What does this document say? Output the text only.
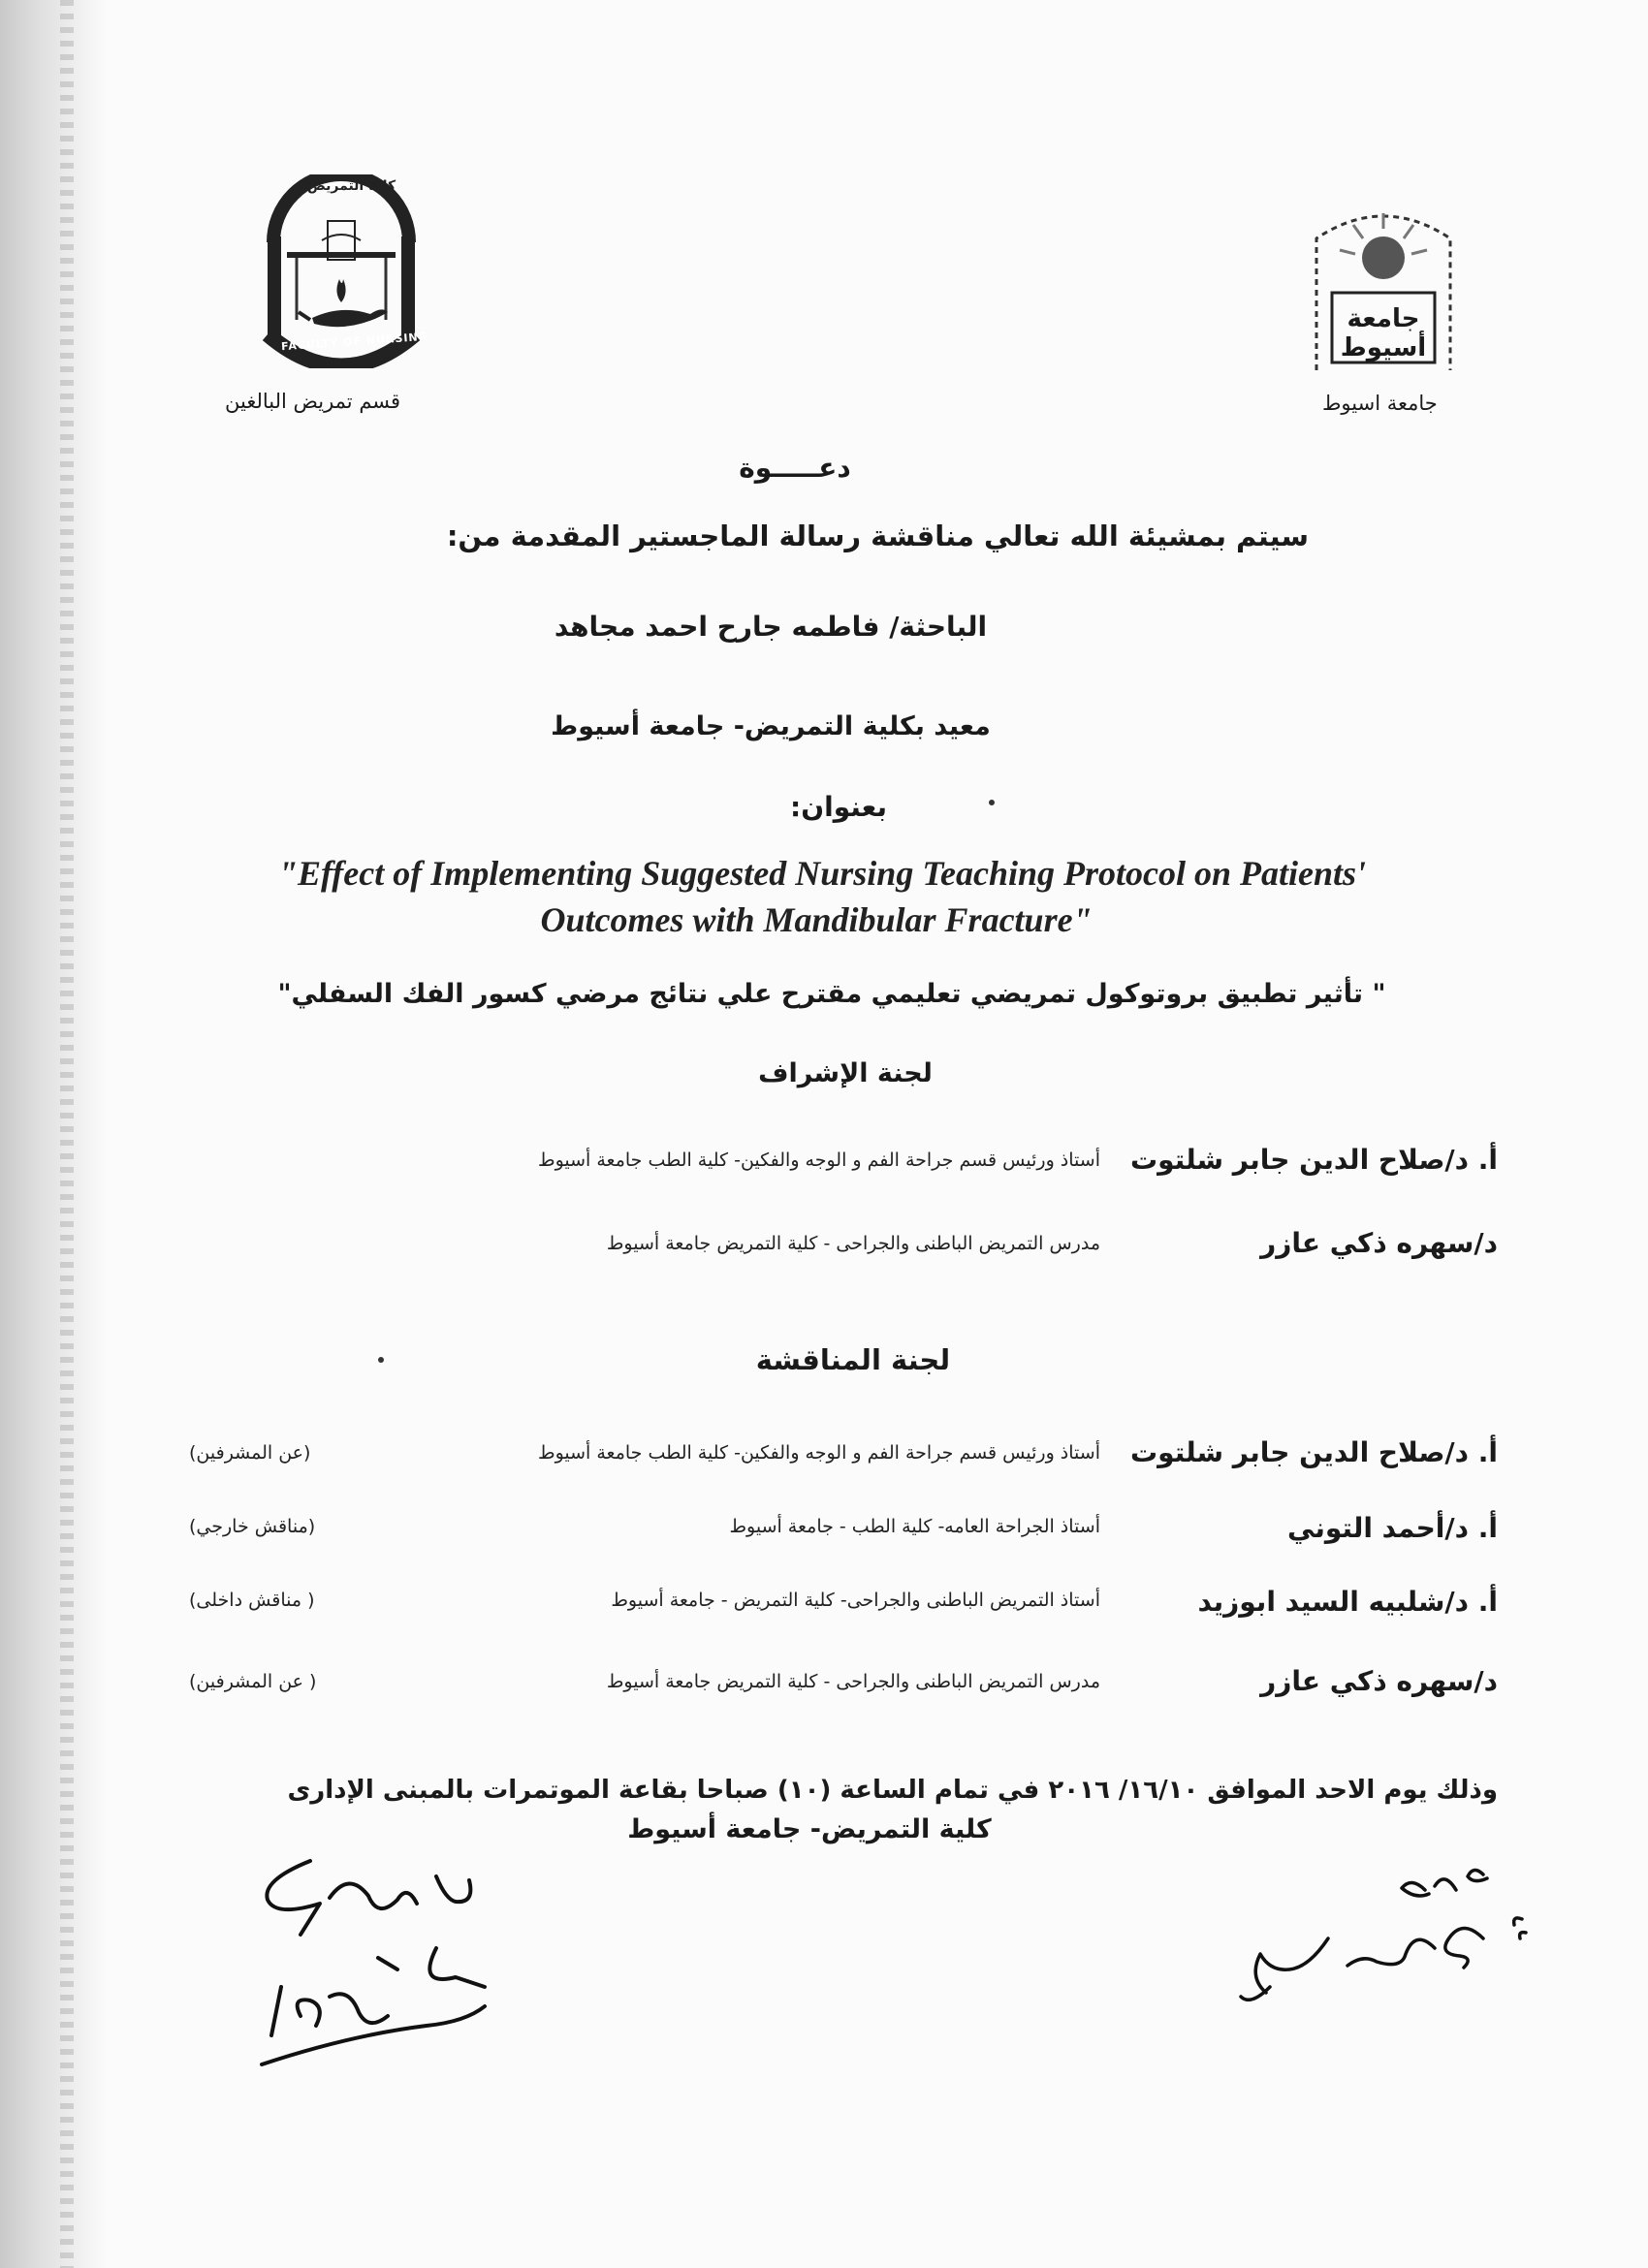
كلية التمريض
FACULTY OF NURSING
قسم تمريض البالغين
جامعة أسيوط
جامعة اسيوط
دعـــــوة
سيتم بمشيئة الله تعالي مناقشة رسالة الماجستير المقدمة من:
الباحثة/ فاطمه جارح احمد مجاهد
معيد بكلية التمريض- جامعة أسيوط
بعنوان:
"Effect of Implementing Suggested Nursing Teaching Protocol on Patients'
Outcomes with Mandibular Fracture"
" تأثير تطبيق بروتوكول تمريضي تعليمي مقترح علي نتائج مرضي كسور الفك السفلي"
لجنة الإشراف
أ. د/صلاح الدين جابر شلتوت
أستاذ ورئيس قسم جراحة الفم و الوجه والفكين- كلية الطب جامعة أسيوط
د/سهره ذكي عازر
مدرس التمريض الباطنى والجراحى - كلية التمريض جامعة أسيوط
لجنة المناقشة
أ. د/صلاح الدين جابر شلتوت
أستاذ ورئيس قسم جراحة الفم و الوجه والفكين- كلية الطب جامعة أسيوط
(عن المشرفين)
أ. د/أحمد التوني
أستاذ الجراحة العامه- كلية الطب - جامعة أسيوط
(مناقش خارجي)
أ. د/شلبيه السيد ابوزيد
أستاذ التمريض الباطنى والجراحى- كلية التمريض - جامعة أسيوط
( مناقش داخلى)
د/سهره ذكي عازر
مدرس التمريض الباطنى والجراحى - كلية التمريض جامعة أسيوط
( عن المشرفين)
وذلك يوم الاحد الموافق ١٦/١٠/ ٢٠١٦ في تمام الساعة (١٠) صباحا بقاعة الموتمرات بالمبنى الإدارى
كلية التمريض- جامعة أسيوط
